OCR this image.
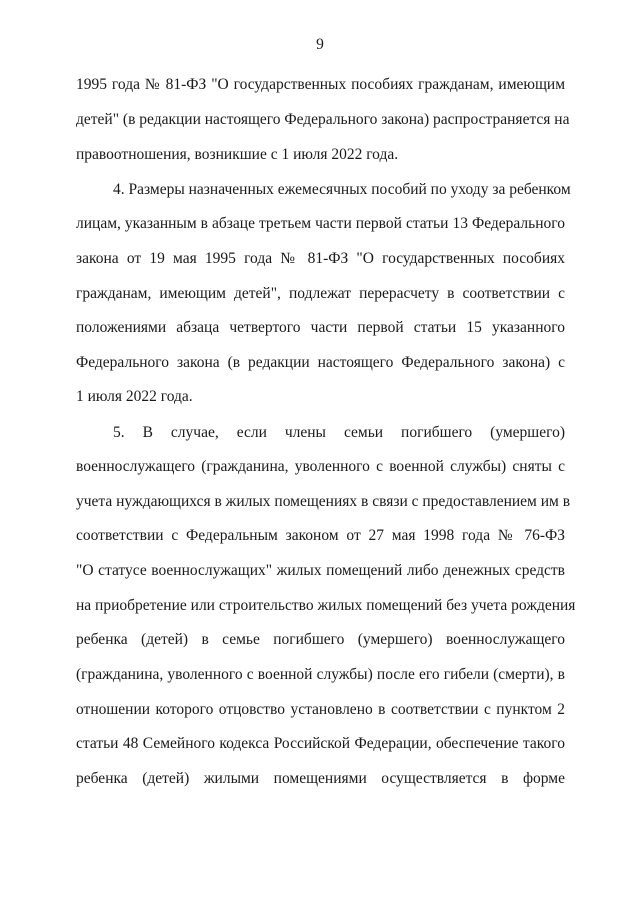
9
1995 года № 81-ФЗ "О государственных пособиях гражданам, имеющим
детей" (в редакции настоящего Федерального закона) распространяется на
правоотношения, возникшие с 1 июля 2022 года.
4. Размеры назначенных ежемесячных пособий по уходу за ребенком
лицам, указанным в абзаце третьем части первой статьи 13 Федерального
закона от 19 мая 1995 года № 81-ФЗ "О государственных пособиях
гражданам, имеющим детей", подлежат перерасчету в соответствии с
положениями абзаца четвертого части первой статьи 15 указанного
Федерального закона (в редакции настоящего Федерального закона) с
1 июля 2022 года.
5. В случае, если члены семьи погибшего (умершего)
военнослужащего (гражданина, уволенного с военной службы) сняты с
учета нуждающихся в жилых помещениях в связи с предоставлением им в
соответствии с Федеральным законом от 27 мая 1998 года № 76-ФЗ
"О статусе военнослужащих" жилых помещений либо денежных средств
на приобретение или строительство жилых помещений без учета рождения
ребенка (детей) в семье погибшего (умершего) военнослужащего
(гражданина, уволенного с военной службы) после его гибели (смерти), в
отношении которого отцовство установлено в соответствии с пунктом 2
статьи 48 Семейного кодекса Российской Федерации, обеспечение такого
ребенка (детей) жилыми помещениями осуществляется в форме
